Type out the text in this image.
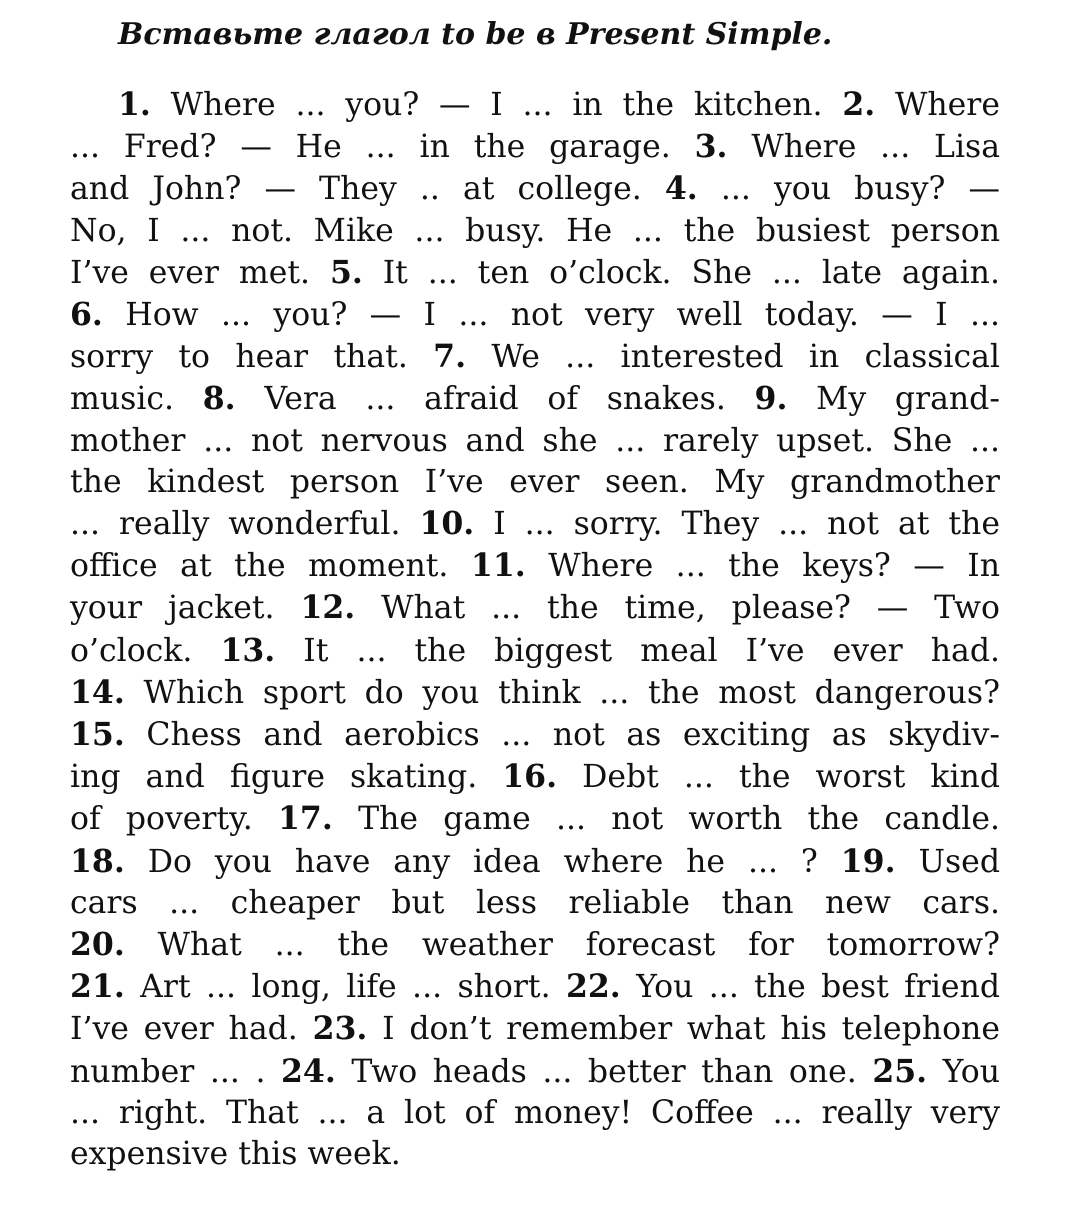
Вставьте глагол to be в Present Simple.

1. Where ... you? — I ... in the kitchen. 2. Where
... Fred? — He ... in the garage. 3. Where ... Lisa
and John? — They .. at college. 4. ... you busy? —
No, I ... not. Mike ... busy. He ... the busiest person
I’ve ever met. 5. It ... ten o’clock. She ... late again.
6. How ... you? — I ... not very well today. — I ...
sorry to hear that. 7. We ... interested in classical
music. 8. Vera ... afraid of snakes. 9. My grand-
mother ... not nervous and she ... rarely upset. She ...
the kindest person I’ve ever seen. My grandmother
... really wonderful. 10. I ... sorry. They ... not at the
office at the moment. 11. Where ... the keys? — In
your jacket. 12. What ... the time, please? — Two
o’clock. 13. It ... the biggest meal I’ve ever had.
14. Which sport do you think ... the most dangerous?
15. Chess and aerobics ... not as exciting as skydiv-
ing and figure skating. 16. Debt ... the worst kind
of poverty. 17. The game ... not worth the candle.
18. Do you have any idea where he ... ? 19. Used
cars ... cheaper but less reliable than new cars.
20. What ... the weather forecast for tomorrow?
21. Art ... long, life ... short. 22. You ... the best friend
I’ve ever had. 23. I don’t remember what his telephone
number ... . 24. Two heads ... better than one. 25. You
... right. That ... a lot of money! Coffee ... really very
expensive this week.
